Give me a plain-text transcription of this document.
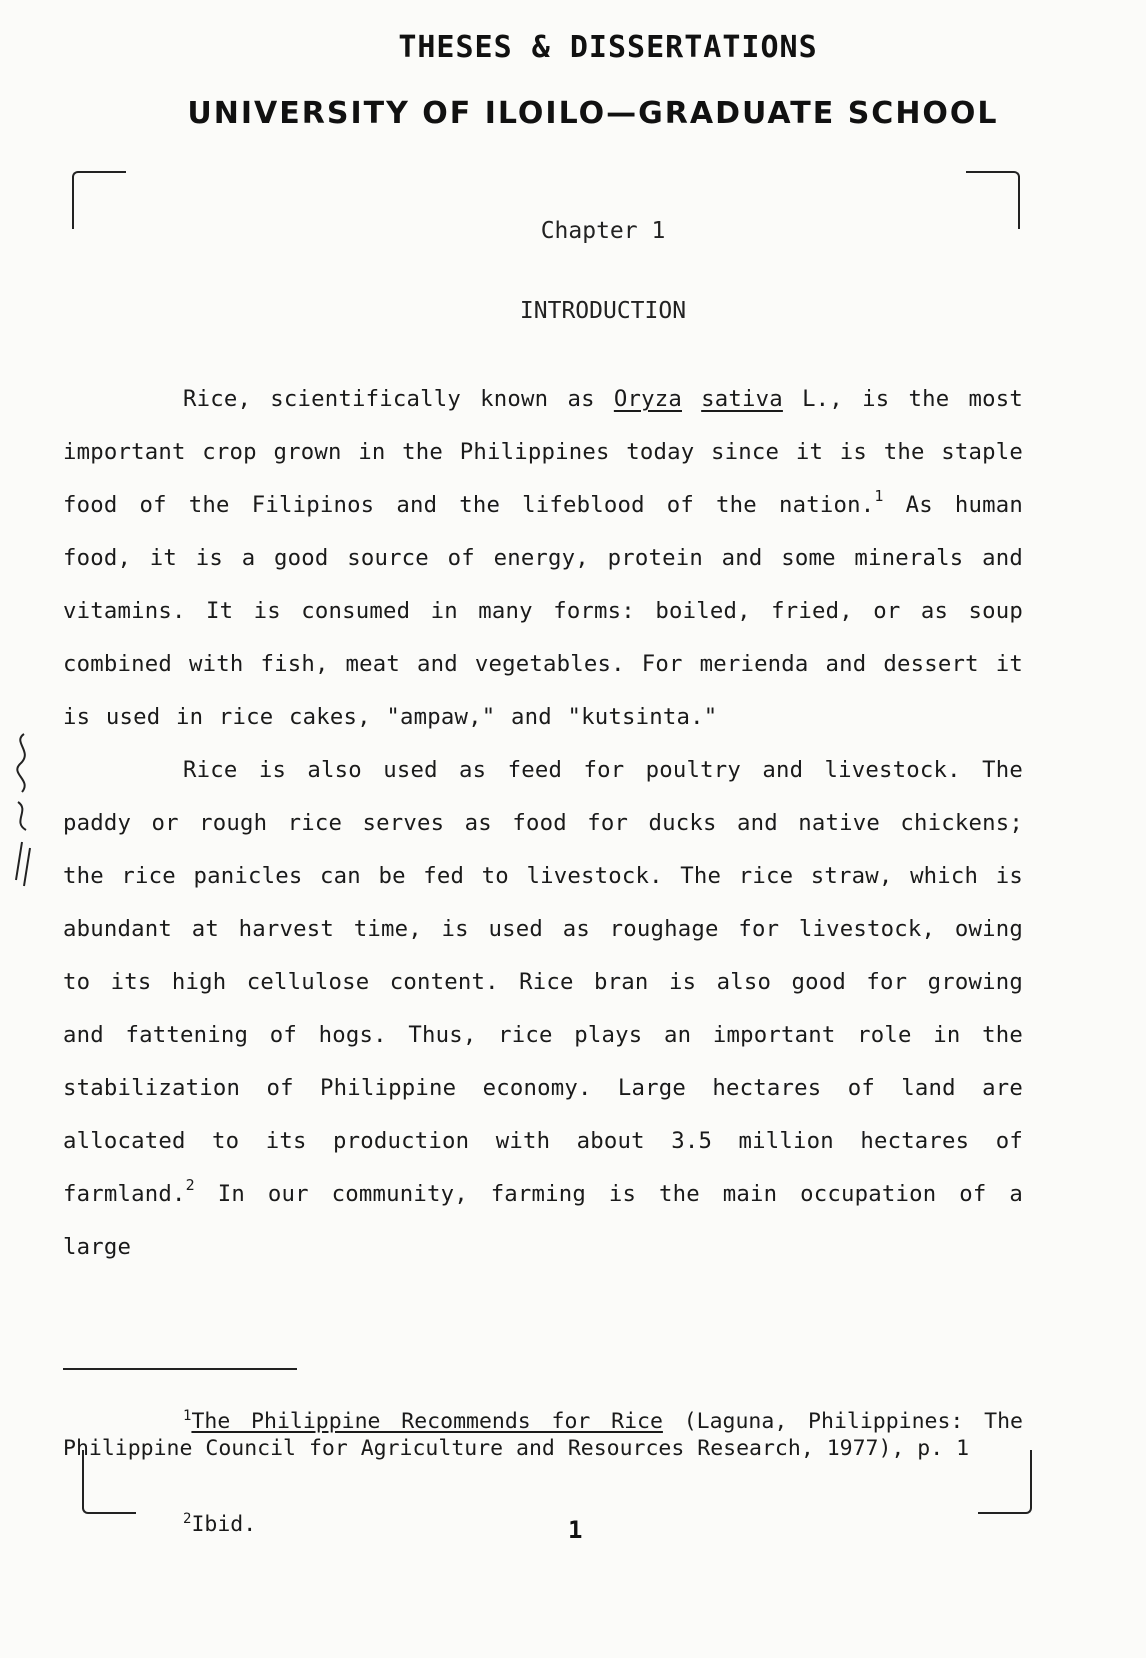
THESES & DISSERTATIONS
UNIVERSITY OF ILOILO—GRADUATE SCHOOL
Chapter 1
INTRODUCTION

Rice, scientifically known as Oryza sativa L., is the most important crop grown in the Philippines today since it is the staple food of the Filipinos and the lifeblood of the nation.$^1$ As human food, it is a good source of energy, protein and some minerals and vitamins. It is consumed in many forms: boiled, fried, or as soup combined with fish, meat and vegetables. For merienda and dessert it is used in rice cakes, "ampaw," and "kutsinta."

Rice is also used as feed for poultry and livestock. The paddy or rough rice serves as food for ducks and native chickens; the rice panicles can be fed to livestock. The rice straw, which is abundant at harvest time, is used as roughage for livestock, owing to its high cellulose content. Rice bran is also good for growing and fattening of hogs. Thus, rice plays an important role in the stabilization of Philippine economy. Large hectares of land are allocated to its production with about 3.5 million hectares of farmland.$^2$ In our community, farming is the main occupation of a large

$^1$The Philippine Recommends for Rice (Laguna, Philippines: The Philippine Council for Agriculture and Resources Research, 1977), p. 1
$^2$Ibid.	1
